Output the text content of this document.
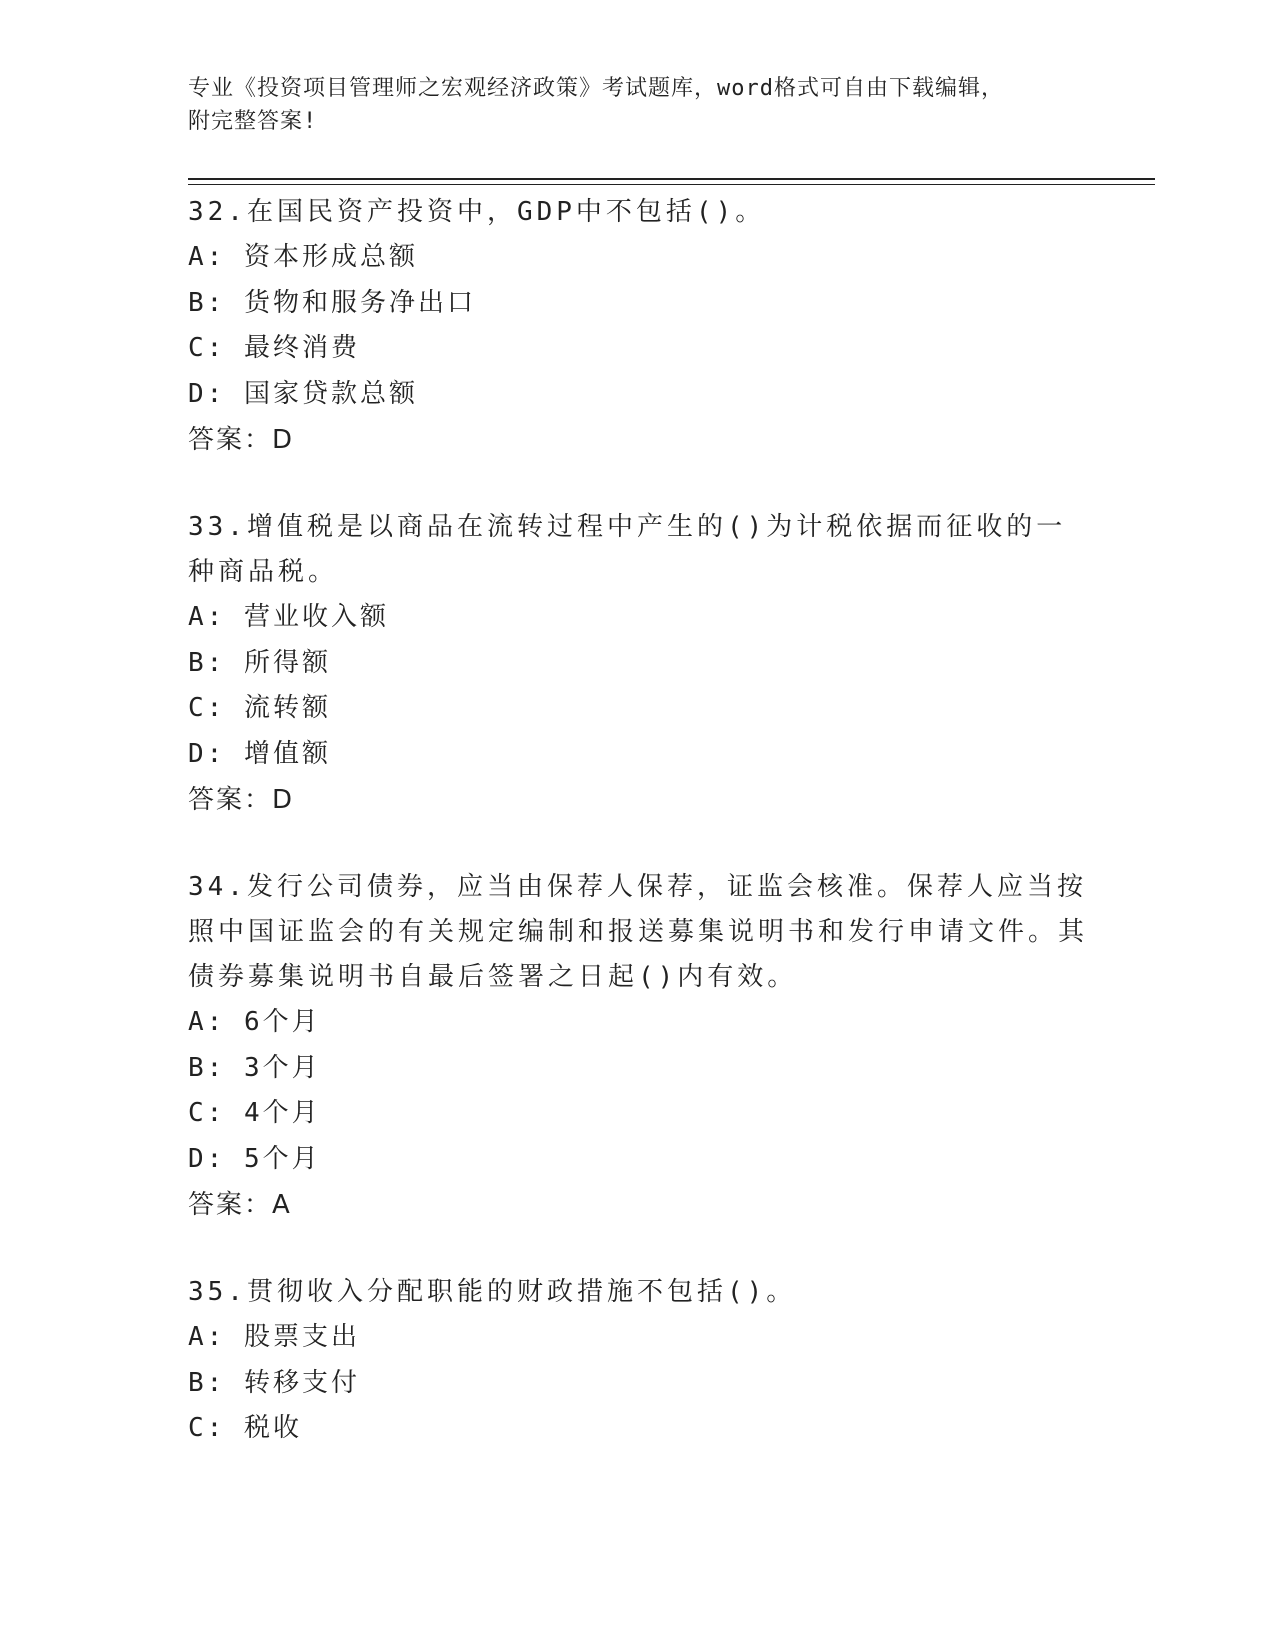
专业《投资项目管理师之宏观经济政策》考试题库，word格式可自由下载编辑，
附完整答案!
32.在国民资产投资中，GDP中不包括()。
A: 资本形成总额
B: 货物和服务净出口
C: 最终消费
D: 国家贷款总额
答案：D
33.增值税是以商品在流转过程中产生的()为计税依据而征收的一种商品税。
A: 营业收入额
B: 所得额
C: 流转额
D: 增值额
答案：D
34.发行公司债券，应当由保荐人保荐，证监会核准。保荐人应当按照中国证监会的有关规定编制和报送募集说明书和发行申请文件。其债券募集说明书自最后签署之日起()内有效。
A: 6个月
B: 3个月
C: 4个月
D: 5个月
答案：A
35.贯彻收入分配职能的财政措施不包括()。
A: 股票支出
B: 转移支付
C: 税收
